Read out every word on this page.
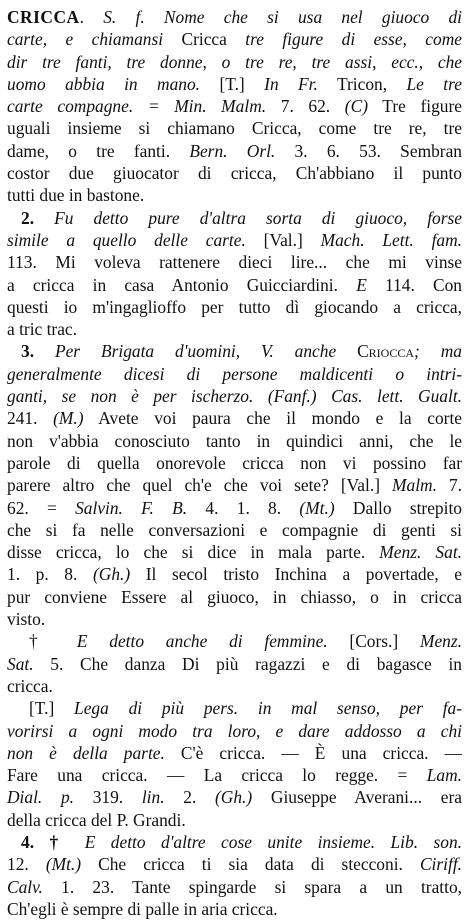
CRICCA. S. f. Nome che si usa nel giuoco di
carte, e chiamansi Cricca tre figure di esse, come
dir tre fanti, tre donne, o tre re, tre assi, ecc., che
uomo abbia in mano. [T.] In Fr. Tricon, Le tre
carte compagne. = Min. Malm. 7. 62. (C) Tre figure
uguali insieme si chiamano Cricca, come tre re, tre
dame, o tre fanti. Bern. Orl. 3. 6. 53. Sembran
costor due giuocator di cricca, Ch'abbiano il punto
tutti due in bastone.
2. Fu detto pure d'altra sorta di giuoco, forse
simile a quello delle carte. [Val.] Mach. Lett. fam.
113. Mi voleva rattenere dieci lire... che mi vinse
a cricca in casa Antonio Guicciardini. E 114. Con
questi io m'ingaglioffo per tutto dì giocando a cricca,
a tric trac.
3. Per Brigata d'uomini, V. anche Criocca; ma
generalmente dicesi di persone maldicenti o intri-
ganti, se non è per ischerzo. (Fanf.) Cas. lett. Gualt.
241. (M.) Avete voi paura che il mondo e la corte
non v'abbia conosciuto tanto in quindici anni, che le
parole di quella onorevole cricca non vi possino far
parere altro che quel ch'e che voi sete? [Val.] Malm. 7.
62. = Salvin. F. B. 4. 1. 8. (Mt.) Dallo strepito
che si fa nelle conversazioni e compagnie di genti si
disse cricca, lo che si dice in mala parte. Menz. Sat.
1. p. 8. (Gh.) Il secol tristo Inchina a povertade, e
pur conviene Essere al giuoco, in chiasso, o in cricca
visto.
† E detto anche di femmine. [Cors.] Menz.
Sat. 5. Che danza Di più ragazzi e di bagasce in
cricca.
[T.] Lega di più pers. in mal senso, per fa-
vorirsi a ogni modo tra loro, e dare addosso a chi
non è della parte. C'è cricca. — È una cricca. —
Fare una cricca. — La cricca lo regge. = Lam.
Dial. p. 319. lin. 2. (Gh.) Giuseppe Averani... era
della cricca del P. Grandi.
4. † E detto d'altre cose unite insieme. Lib. son.
12. (Mt.) Che cricca ti sia data di stecconi. Ciriff.
Calv. 1. 23. Tante spingarde si spara a un tratto,
Ch'egli è sempre di palle in aria cricca.
